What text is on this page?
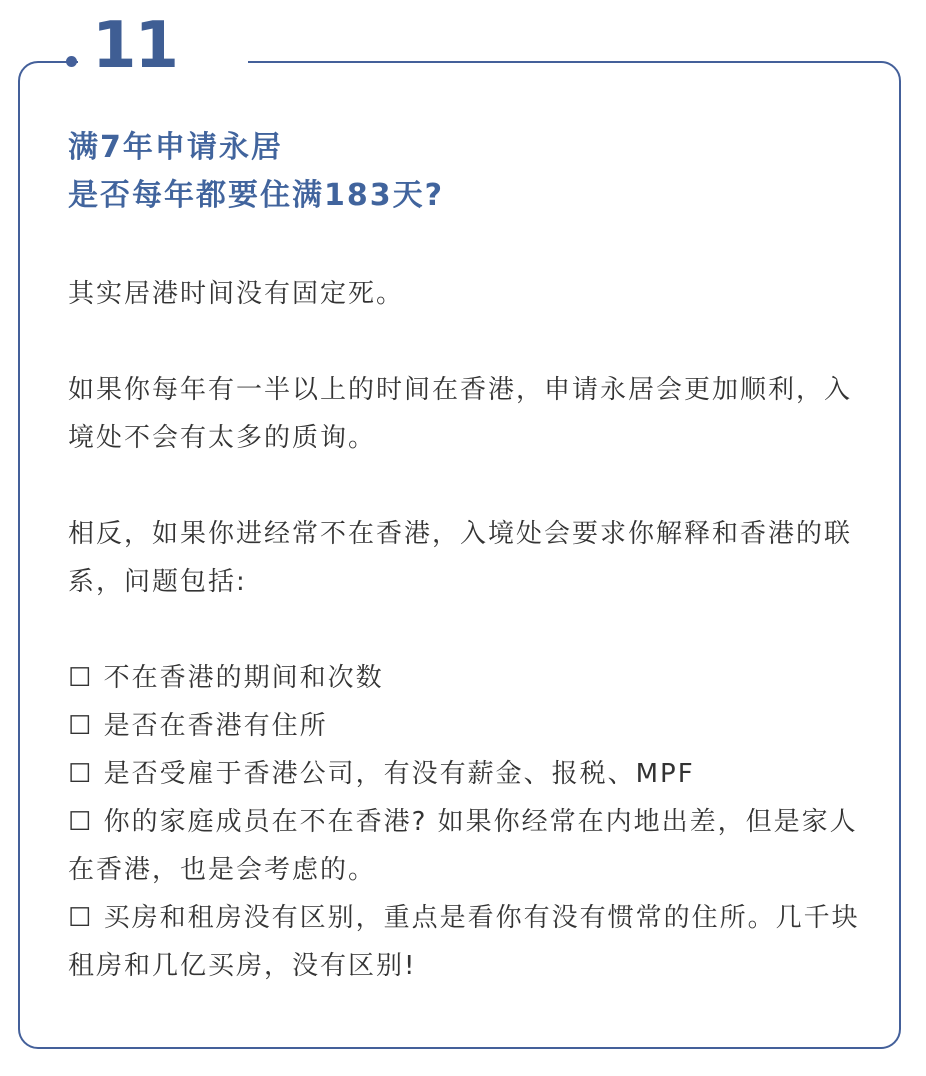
11
满7年申请永居
是否每年都要住满183天?

其实居港时间没有固定死。

如果你每年有一半以上的时间在香港，申请永居会更加顺利，入境处不会有太多的质询。

相反，如果你进经常不在香港，入境处会要求你解释和香港的联系，问题包括:

☐ 不在香港的期间和次数

☐ 是否在香港有住所

☐ 是否受雇于香港公司，有没有薪金、报税、MPF

☐ 你的家庭成员在不在香港? 如果你经常在内地出差，但是家人在香港，也是会考虑的。

☐ 买房和租房没有区别，重点是看你有没有惯常的住所。几千块租房和几亿买房，没有区别!
